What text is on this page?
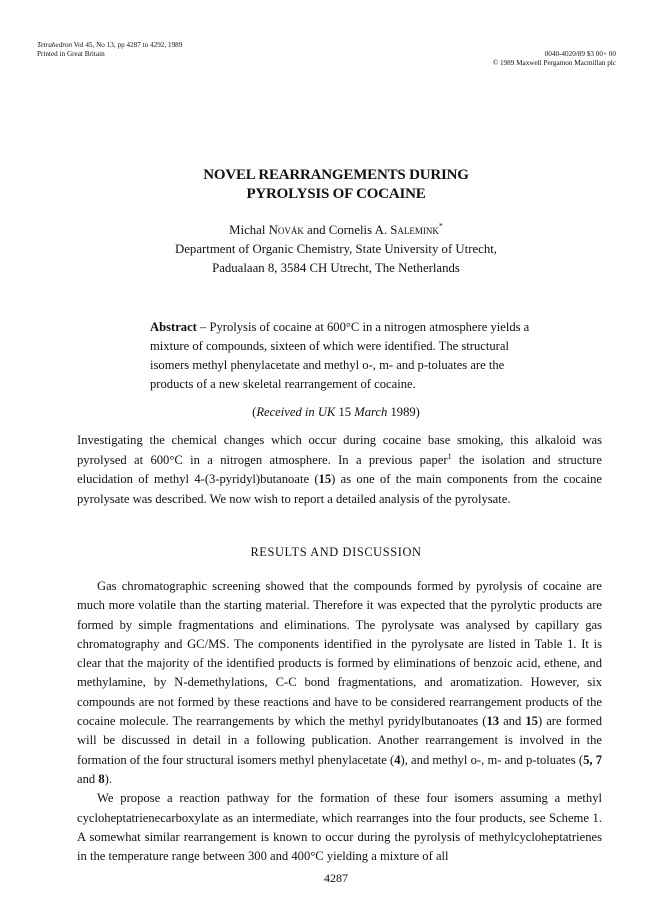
Tetrahedron Vol 45, No 13, pp 4287 to 4292, 1989
Printed in Great Britain	0040-4020/89 $3 00+ 00
© 1989 Maxwell Pergamon Macmillan plc
NOVEL REARRANGEMENTS DURING
PYROLYSIS OF COCAINE
Michal Novák and Cornelis A. Salemink*
Department of Organic Chemistry, State University of Utrecht,
Padualaan 8, 3584 CH Utrecht, The Netherlands
Abstract – Pyrolysis of cocaine at 600°C in a nitrogen atmosphere yields a mixture of compounds, sixteen of which were identified. The structural isomers methyl phenylacetate and methyl o-, m- and p-toluates are the products of a new skeletal rearrangement of cocaine.
(Received in UK 15 March 1989)
Investigating the chemical changes which occur during cocaine base smoking, this alkaloid was pyrolysed at 600°C in a nitrogen atmosphere. In a previous paper$^1$ the isolation and structure elucidation of methyl 4-(3-pyridyl)butanoate (15) as one of the main components from the cocaine pyrolysate was described. We now wish to report a detailed analysis of the pyrolysate.
RESULTS AND DISCUSSION

Gas chromatographic screening showed that the compounds formed by pyrolysis of cocaine are much more volatile than the starting material. Therefore it was expected that the pyrolytic products are formed by simple fragmentations and eliminations. The pyrolysate was analysed by capillary gas chromatography and GC/MS. The components identified in the pyrolysate are listed in Table 1. It is clear that the majority of the identified products is formed by eliminations of benzoic acid, ethene, and methylamine, by N-demethylations, C-C bond fragmentations, and aromatization. However, six compounds are not formed by these reactions and have to be considered rearrangement products of the cocaine molecule. The rearrangements by which the methyl pyridylbutanoates (13 and 15) are formed will be discussed in detail in a following publication. Another rearrangement is involved in the formation of the four structural isomers methyl phenylacetate (4), and methyl o-, m- and p-toluates (5, 7 and 8).

We propose a reaction pathway for the formation of these four isomers assuming a methyl cycloheptatrienecarboxylate as an intermediate, which rearranges into the four products, see Scheme 1. A somewhat similar rearrangement is known to occur during the pyrolysis of methylcycloheptatrienes in the temperature range between 300 and 400°C yielding a mixture of all

4287
